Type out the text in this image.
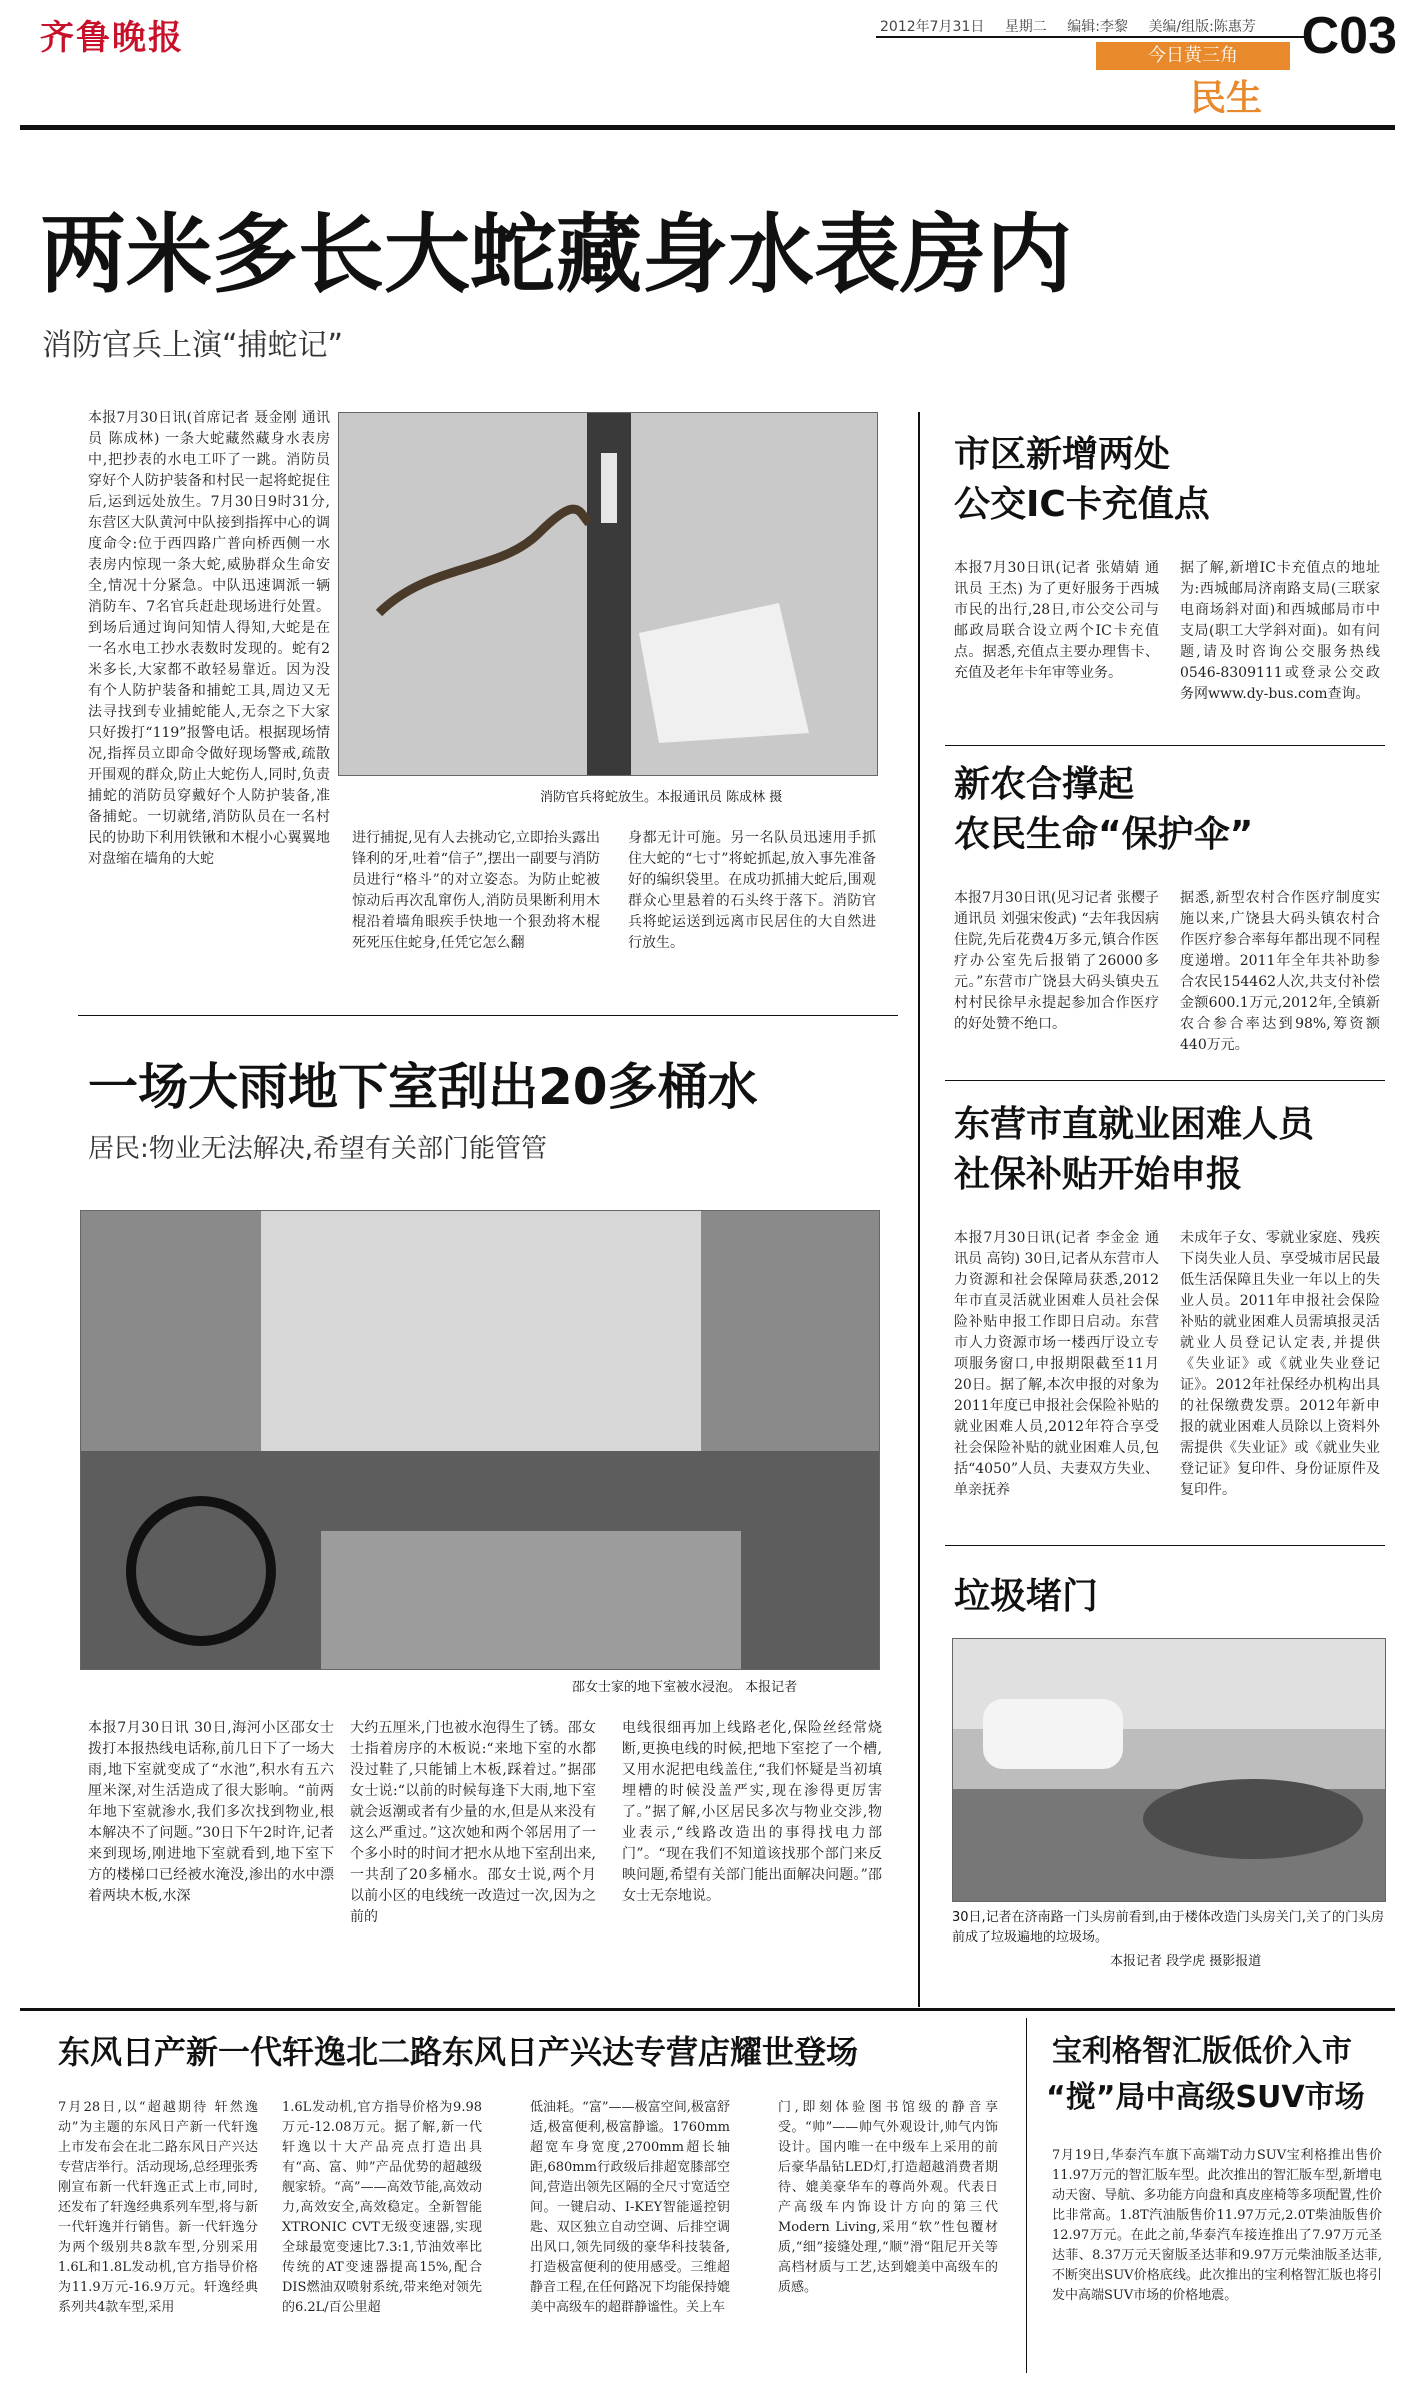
齐鲁晚报	2012年7月31日 星期二 编辑:李黎 美编/组版:陈惠芳 C03
今日黄三角
民生
两米多长大蛇藏身水表房内
消防官兵上演“捕蛇记”
本报7月30日讯(首席记者 聂金刚 通讯员 陈成林) 一条大蛇藏然藏身水表房中,把抄表的水电工吓了一跳。消防员穿好个人防护装备和村民一起将蛇捉住后,运到远处放生。7月30日9时31分,东营区大队黄河中队接到指挥中心的调度命令:位于西四路广普向桥西侧一水表房内惊现一条大蛇,威胁群众生命安全,情况十分紧急。中队迅速调派一辆消防车、7名官兵赶赴现场进行处置。到场后通过询问知情人得知,大蛇是在一名水电工抄水表数时发现的。蛇有2米多长,大家都不敢轻易靠近。因为没有个人防护装备和捕蛇工具,周边又无法寻找到专业捕蛇能人,无奈之下大家只好拨打“119”报警电话。根据现场情况,指挥员立即命令做好现场警戒,疏散开围观的群众,防止大蛇伤人,同时,负责捕蛇的消防员穿戴好个人防护装备,准备捕蛇。一切就绪,消防队员在一名村民的协助下利用铁锹和木棍小心翼翼地对盘缩在墙角的大蛇
消防官兵将蛇放生。本报通讯员 陈成林 摄
进行捕捉,见有人去挑动它,立即抬头露出锋利的牙,吐着“信子”,摆出一副要与消防员进行“格斗”的对立姿态。为防止蛇被惊动后再次乱窜伤人,消防员果断利用木棍沿着墙角眼疾手快地一个狠劲将木棍死死压住蛇身,任凭它怎么翻
身都无计可施。另一名队员迅速用手抓住大蛇的“七寸”将蛇抓起,放入事先准备好的编织袋里。在成功抓捕大蛇后,围观群众心里悬着的石头终于落下。消防官兵将蛇运送到远离市民居住的大自然进行放生。
一场大雨地下室刮出20多桶水
居民:物业无法解决,希望有关部门能管管
邵女士家的地下室被水浸泡。 本报记者
本报7月30日讯 30日,海河小区邵女士拨打本报热线电话称,前几日下了一场大雨,地下室就变成了“水池”,积水有五六厘米深,对生活造成了很大影响。“前两年地下室就渗水,我们多次找到物业,根本解决不了问题。”30日下午2时许,记者来到现场,刚进地下室就看到,地下室下方的楼梯口已经被水淹没,渗出的水中漂着两块木板,水深
大约五厘米,门也被水泡得生了锈。邵女士指着房序的木板说:“来地下室的水都没过鞋了,只能铺上木板,踩着过。”据邵女士说:“以前的时候每逢下大雨,地下室就会返潮或者有少量的水,但是从来没有这么严重过。”这次她和两个邻居用了一个多小时的时间才把水从地下室刮出来,一共刮了20多桶水。邵女士说,两个月以前小区的电线统一改造过一次,因为之前的
电线很细再加上线路老化,保险丝经常烧断,更换电线的时候,把地下室挖了一个槽,又用水泥把电线盖住,“我们怀疑是当初填埋槽的时候没盖严实,现在渗得更厉害了。”据了解,小区居民多次与物业交涉,物业表示,“线路改造出的事得找电力部门”。“现在我们不知道该找那个部门来反映问题,希望有关部门能出面解决问题。”邵女士无奈地说。
市区新增两处
公交IC卡充值点
本报7月30日讯(记者 张婧婧 通讯员 王杰) 为了更好服务于西城市民的出行,28日,市公交公司与邮政局联合设立两个IC卡充值点。据悉,充值点主要办理售卡、充值及老年卡年审等业务。
据了解,新增IC卡充值点的地址为:西城邮局济南路支局(三联家电商场斜对面)和西城邮局市中支局(职工大学斜对面)。如有问题,请及时咨询公交服务热线0546-8309111或登录公交政务网www.dy-bus.com查询。
新农合撑起
农民生命“保护伞”
本报7月30日讯(见习记者 张樱子 通讯员 刘强宋俊武) “去年我因病住院,先后花费4万多元,镇合作医疗办公室先后报销了26000多元。”东营市广饶县大码头镇央五村村民徐早永提起参加合作医疗的好处赞不绝口。
据悉,新型农村合作医疗制度实施以来,广饶县大码头镇农村合作医疗参合率每年都出现不同程度递增。2011年全年共补助参合农民154462人次,共支付补偿金额600.1万元,2012年,全镇新农合参合率达到98%,筹资额440万元。
东营市直就业困难人员
社保补贴开始申报
本报7月30日讯(记者 李金金 通讯员 高钧) 30日,记者从东营市人力资源和社会保障局获悉,2012年市直灵活就业困难人员社会保险补贴申报工作即日启动。东营市人力资源市场一楼西厅设立专项服务窗口,申报期限截至11月20日。据了解,本次申报的对象为2011年度已申报社会保险补贴的就业困难人员,2012年符合享受社会保险补贴的就业困难人员,包括“4050”人员、夫妻双方失业、单亲抚养
未成年子女、零就业家庭、残疾下岗失业人员、享受城市居民最低生活保障且失业一年以上的失业人员。2011年申报社会保险补贴的就业困难人员需填报灵活就业人员登记认定表,并提供《失业证》或《就业失业登记证》。2012年社保经办机构出具的社保缴费发票。2012年新申报的就业困难人员除以上资料外需提供《失业证》或《就业失业登记证》复印件、身份证原件及复印件。
垃圾堵门
30日,记者在济南路一门头房前看到,由于楼体改造门头房关门,关了的门头房前成了垃圾遍地的垃圾场。
本报记者 段学虎 摄影报道
东风日产新一代轩逸北二路东风日产兴达专营店耀世登场
7月28日,以“超越期待 轩然逸动”为主题的东风日产新一代轩逸上市发布会在北二路东风日产兴达专营店举行。活动现场,总经理张秀刚宣布新一代轩逸正式上市,同时,还发布了轩逸经典系列车型,将与新一代轩逸并行销售。新一代轩逸分为两个级别共8款车型,分别采用1.6L和1.8L发动机,官方指导价格为11.9万元-16.9万元。轩逸经典系列共4款车型,采用
1.6L发动机,官方指导价格为9.98万元-12.08万元。据了解,新一代轩逸以十大产品亮点打造出具有“高、富、帅”产品优势的超越级舰家轿。“高”——高效节能,高效动力,高效安全,高效稳定。全新智能XTRONIC CVT无级变速器,实现全球最宽变速比7.3:1,节油效率比传统的AT变速器提高15%,配合DIS燃油双喷射系统,带来绝对领先的6.2L/百公里超
低油耗。“富”——极富空间,极富舒适,极富便利,极富静谧。1760mm超宽车身宽度,2700mm超长轴距,680mm行政级后排超宽膝部空间,营造出领先区隔的全尺寸宽适空间。一键启动、I-KEY智能遥控钥匙、双区独立自动空调、后排空调出风口,领先同级的豪华科技装备,打造极富便利的使用感受。三维超静音工程,在任何路况下均能保持媲美中高级车的超群静谧性。关上车
门,即刻体验图书馆级的静音享受。“帅”——帅气外观设计,帅气内饰设计。国内唯一在中级车上采用的前后豪华晶钻LED灯,打造超越消费者期待、媲美豪华车的尊尚外观。代表日产高级车内饰设计方向的第三代Modern Living,采用“软”性包覆材质,“细”接缝处理,“顺”滑“阻尼开关等高档材质与工艺,达到媲美中高级车的质感。
宝利格智汇版低价入市
“搅”局中高级SUV市场
7月19日,华泰汽车旗下高端T动力SUV宝利格推出售价11.97万元的智汇版车型。此次推出的智汇版车型,新增电动天窗、导航、多功能方向盘和真皮座椅等多项配置,性价比非常高。1.8T汽油版售价11.97万元,2.0T柴油版售价12.97万元。在此之前,华泰汽车接连推出了7.97万元圣达菲、8.37万元天窗版圣达菲和9.97万元柴油版圣达菲,不断突出SUV价格底线。此次推出的宝利格智汇版也将引发中高端SUV市场的价格地震。
